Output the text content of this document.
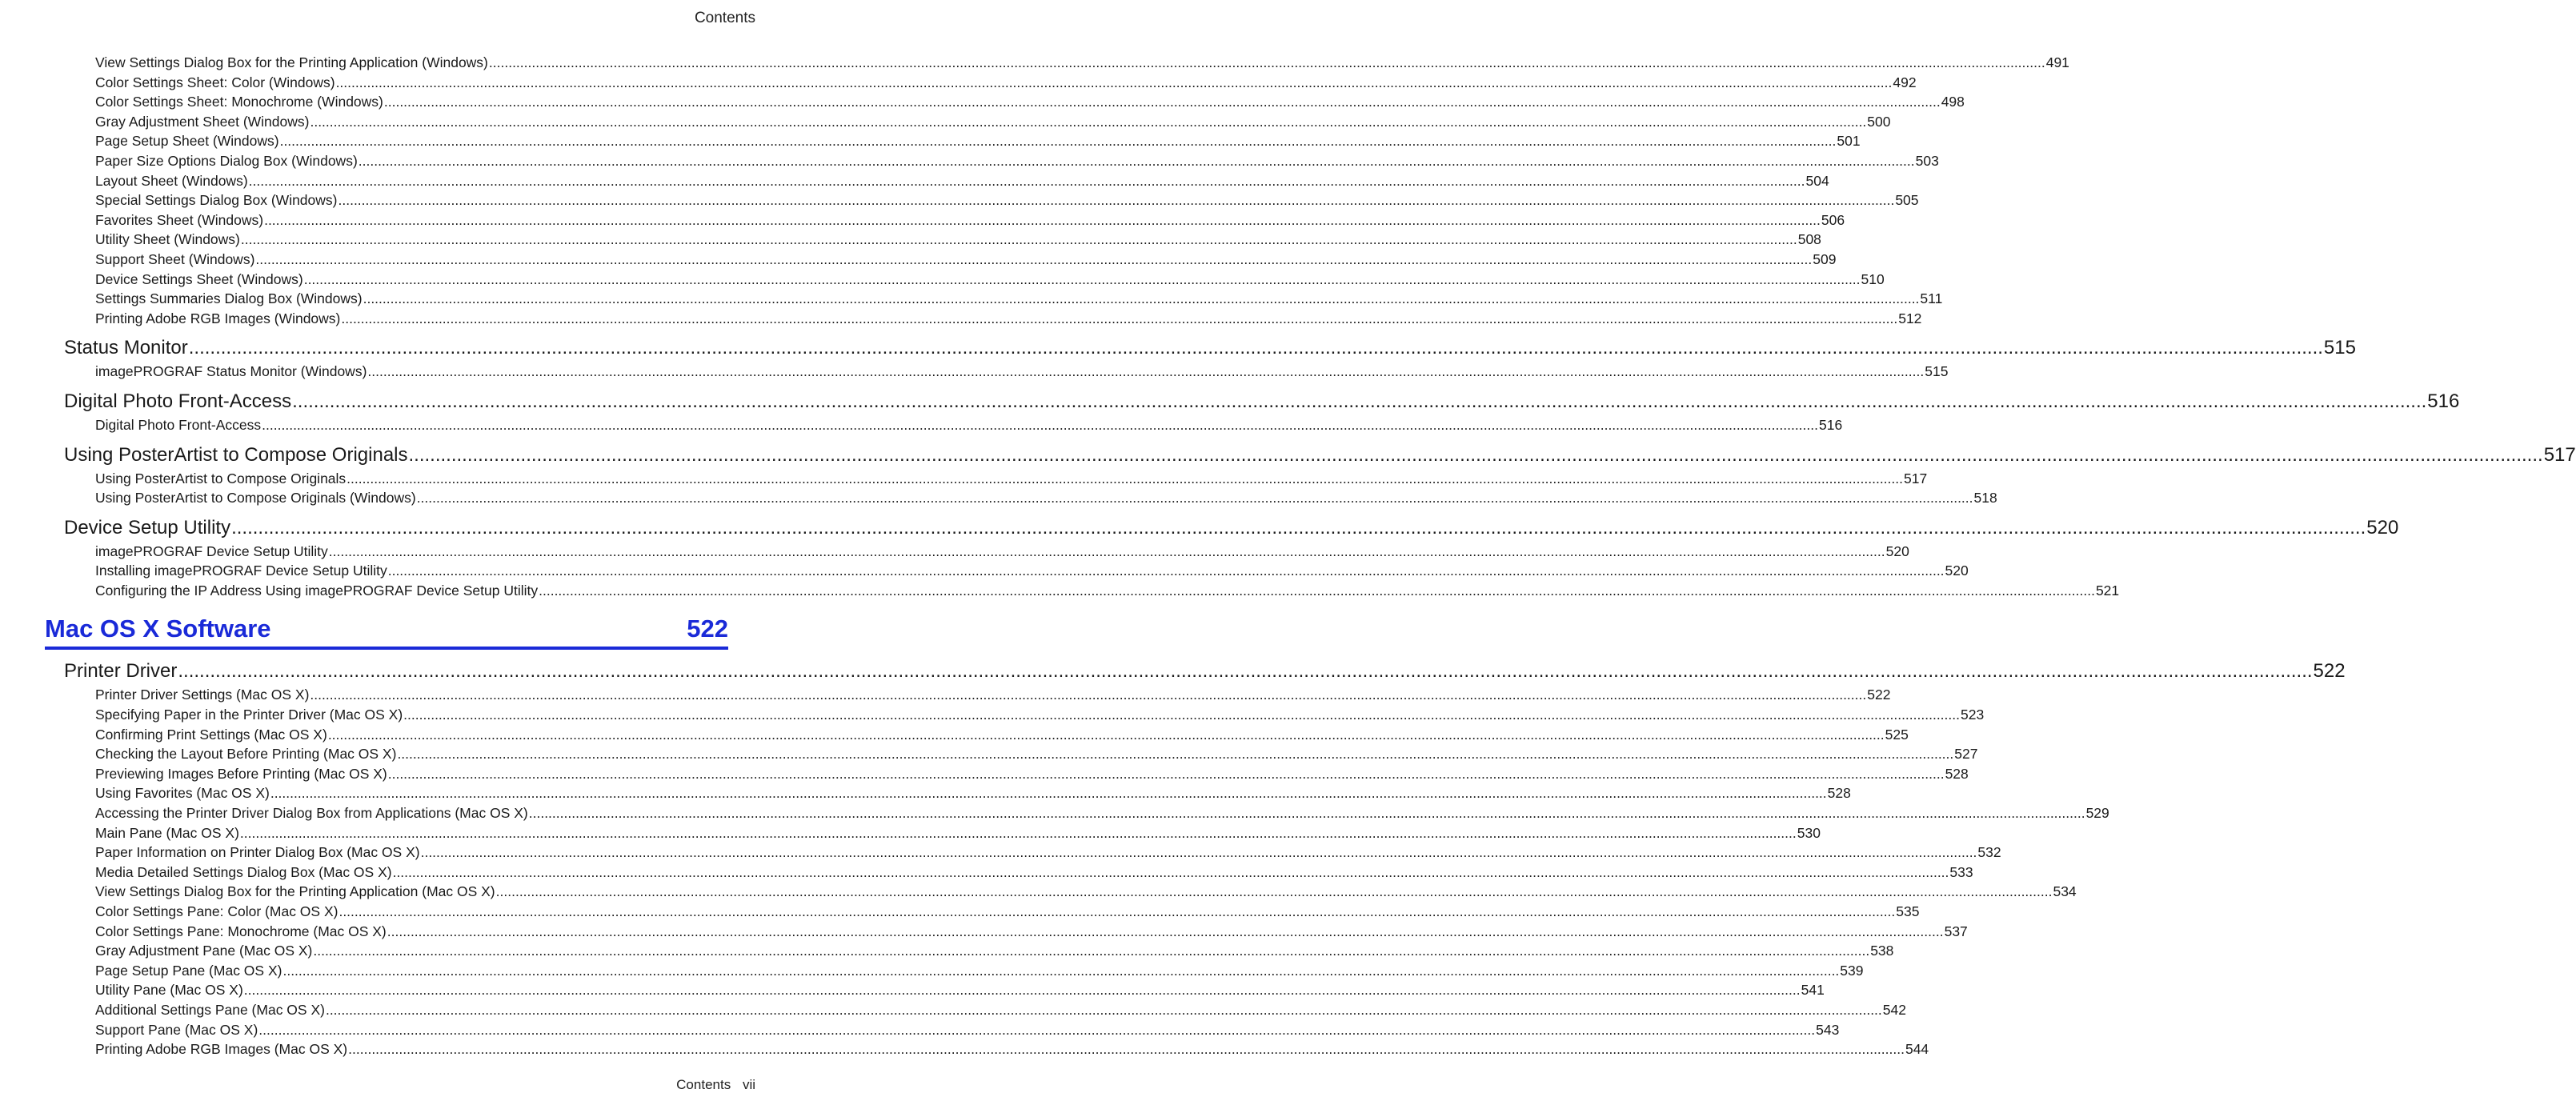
Contents
View Settings Dialog Box for the Printing Application (Windows) ................................................................................................................................................................................................................................................................................................................................................................................................................ 491
Color Settings Sheet: Color (Windows) ................................................................................................................................................................................................................................................................................................................................................................................................................ 492
Color Settings Sheet: Monochrome (Windows) ................................................................................................................................................................................................................................................................................................................................................................................................................ 498
Gray Adjustment Sheet (Windows) ................................................................................................................................................................................................................................................................................................................................................................................................................ 500
Page Setup Sheet (Windows) ................................................................................................................................................................................................................................................................................................................................................................................................................ 501
Paper Size Options Dialog Box (Windows) ................................................................................................................................................................................................................................................................................................................................................................................................................ 503
Layout Sheet (Windows) ................................................................................................................................................................................................................................................................................................................................................................................................................ 504
Special Settings Dialog Box (Windows) ................................................................................................................................................................................................................................................................................................................................................................................................................ 505
Favorites Sheet (Windows) ................................................................................................................................................................................................................................................................................................................................................................................................................ 506
Utility Sheet (Windows) ................................................................................................................................................................................................................................................................................................................................................................................................................ 508
Support Sheet (Windows) ................................................................................................................................................................................................................................................................................................................................................................................................................ 509
Device Settings Sheet (Windows) ................................................................................................................................................................................................................................................................................................................................................................................................................ 510
Settings Summaries Dialog Box (Windows) ................................................................................................................................................................................................................................................................................................................................................................................................................ 511
Printing Adobe RGB Images (Windows) ................................................................................................................................................................................................................................................................................................................................................................................................................ 512
Status Monitor ................................................................................................................................................................................................................................................................................................................................................................................................................ 515
imagePROGRAF Status Monitor (Windows) ................................................................................................................................................................................................................................................................................................................................................................................................................ 515
Digital Photo Front-Access ................................................................................................................................................................................................................................................................................................................................................................................................................ 516
Digital Photo Front-Access ................................................................................................................................................................................................................................................................................................................................................................................................................ 516
Using PosterArtist to Compose Originals ................................................................................................................................................................................................................................................................................................................................................................................................................ 517
Using PosterArtist to Compose Originals ................................................................................................................................................................................................................................................................................................................................................................................................................ 517
Using PosterArtist to Compose Originals (Windows) ................................................................................................................................................................................................................................................................................................................................................................................................................ 518
Device Setup Utility ................................................................................................................................................................................................................................................................................................................................................................................................................ 520
imagePROGRAF Device Setup Utility ................................................................................................................................................................................................................................................................................................................................................................................................................ 520
Installing imagePROGRAF Device Setup Utility ................................................................................................................................................................................................................................................................................................................................................................................................................ 520
Configuring the IP Address Using imagePROGRAF Device Setup Utility ................................................................................................................................................................................................................................................................................................................................................................................................................ 521
Mac OS X Software	522
Printer Driver ................................................................................................................................................................................................................................................................................................................................................................................................................ 522
Printer Driver Settings (Mac OS X) ................................................................................................................................................................................................................................................................................................................................................................................................................ 522
Specifying Paper in the Printer Driver (Mac OS X) ................................................................................................................................................................................................................................................................................................................................................................................................................ 523
Confirming Print Settings (Mac OS X) ................................................................................................................................................................................................................................................................................................................................................................................................................ 525
Checking the Layout Before Printing (Mac OS X) ................................................................................................................................................................................................................................................................................................................................................................................................................ 527
Previewing Images Before Printing (Mac OS X) ................................................................................................................................................................................................................................................................................................................................................................................................................ 528
Using Favorites (Mac OS X) ................................................................................................................................................................................................................................................................................................................................................................................................................ 528
Accessing the Printer Driver Dialog Box from Applications (Mac OS X) ................................................................................................................................................................................................................................................................................................................................................................................................................ 529
Main Pane (Mac OS X) ................................................................................................................................................................................................................................................................................................................................................................................................................ 530
Paper Information on Printer Dialog Box (Mac OS X) ................................................................................................................................................................................................................................................................................................................................................................................................................ 532
Media Detailed Settings Dialog Box (Mac OS X) ................................................................................................................................................................................................................................................................................................................................................................................................................ 533
View Settings Dialog Box for the Printing Application (Mac OS X) ................................................................................................................................................................................................................................................................................................................................................................................................................ 534
Color Settings Pane: Color (Mac OS X) ................................................................................................................................................................................................................................................................................................................................................................................................................ 535
Color Settings Pane: Monochrome (Mac OS X) ................................................................................................................................................................................................................................................................................................................................................................................................................ 537
Gray Adjustment Pane (Mac OS X) ................................................................................................................................................................................................................................................................................................................................................................................................................ 538
Page Setup Pane (Mac OS X) ................................................................................................................................................................................................................................................................................................................................................................................................................ 539
Utility Pane (Mac OS X) ................................................................................................................................................................................................................................................................................................................................................................................................................ 541
Additional Settings Pane (Mac OS X) ................................................................................................................................................................................................................................................................................................................................................................................................................ 542
Support Pane (Mac OS X) ................................................................................................................................................................................................................................................................................................................................................................................................................ 543
Printing Adobe RGB Images (Mac OS X) ................................................................................................................................................................................................................................................................................................................................................................................................................ 544
Contents vii
